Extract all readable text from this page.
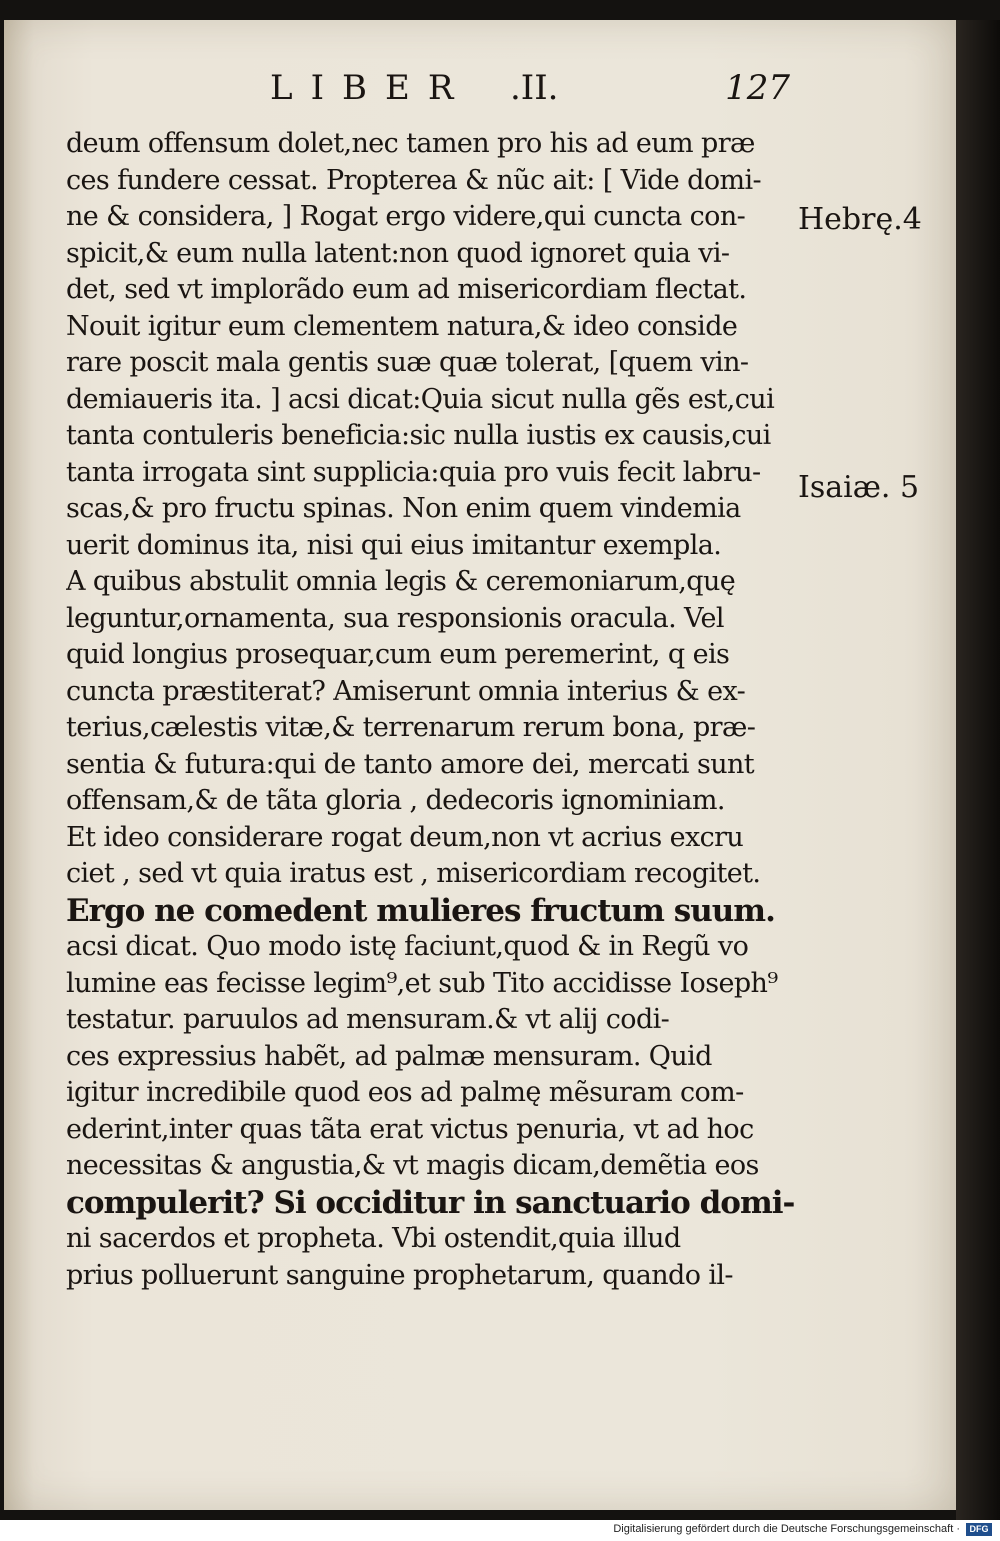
LIBER .II.	127
deum offensum dolet,nec tamen pro his ad eum præ
ces fundere cessat. Propterea & nũc ait: [ Vide domi-
ne & considera, ] Rogat ergo videre,qui cuncta con-
spicit,& eum nulla latent:non quod ignoret quia vi-
det, sed vt implorãdo eum ad misericordiam flectat.
Nouit igitur eum clementem natura,& ideo conside
rare poscit mala gentis suæ quæ tolerat, [quem vin-
demiaueris ita. ] acsi dicat:Quia sicut nulla gẽs est,cui
tanta contuleris beneficia:sic nulla iustis ex causis,cui
tanta irrogata sint supplicia:quia pro vuis fecit labru-
scas,& pro fructu spinas. Non enim quem vindemia
uerit dominus ita, nisi qui eius imitantur exempla.
A quibus abstulit omnia legis & ceremoniarum,quę
leguntur,ornamenta, sua responsionis oracula. Vel
quid longius prosequar,cum eum peremerint, q eis
cuncta præstiterat? Amiserunt omnia interius & ex-
terius,cælestis vitæ,& terrenarum rerum bona, præ-
sentia & futura:qui de tanto amore dei, mercati sunt
offensam,& de tãta gloria , dedecoris ignominiam.
Et ideo considerare rogat deum,non vt acrius excru
ciet , sed vt quia iratus est , misericordiam recogitet.
Ergo ne comedent mulieres fructum suum.
acsi dicat. Quo modo istę faciunt,quod & in Regũ vo
lumine eas fecisse legim⁹,et sub Tito accidisse Ioseph⁹
testatur. paruulos ad mensuram.& vt alij codi-
ces expressius habẽt, ad palmæ mensuram. Quid
igitur incredibile quod eos ad palmę mẽsuram com-
ederint,inter quas tãta erat victus penuria, vt ad hoc
necessitas & angustia,& vt magis dicam,demẽtia eos
compulerit? Si occiditur in sanctuario domi-
ni sacerdos et propheta. Vbi ostendit,quia illud
prius polluerunt sanguine prophetarum, quando il-
Hebrę.4
Isaiæ. 5
Digitalisierung gefördert durch die Deutsche Forschungsgemeinschaft ·	DFG
